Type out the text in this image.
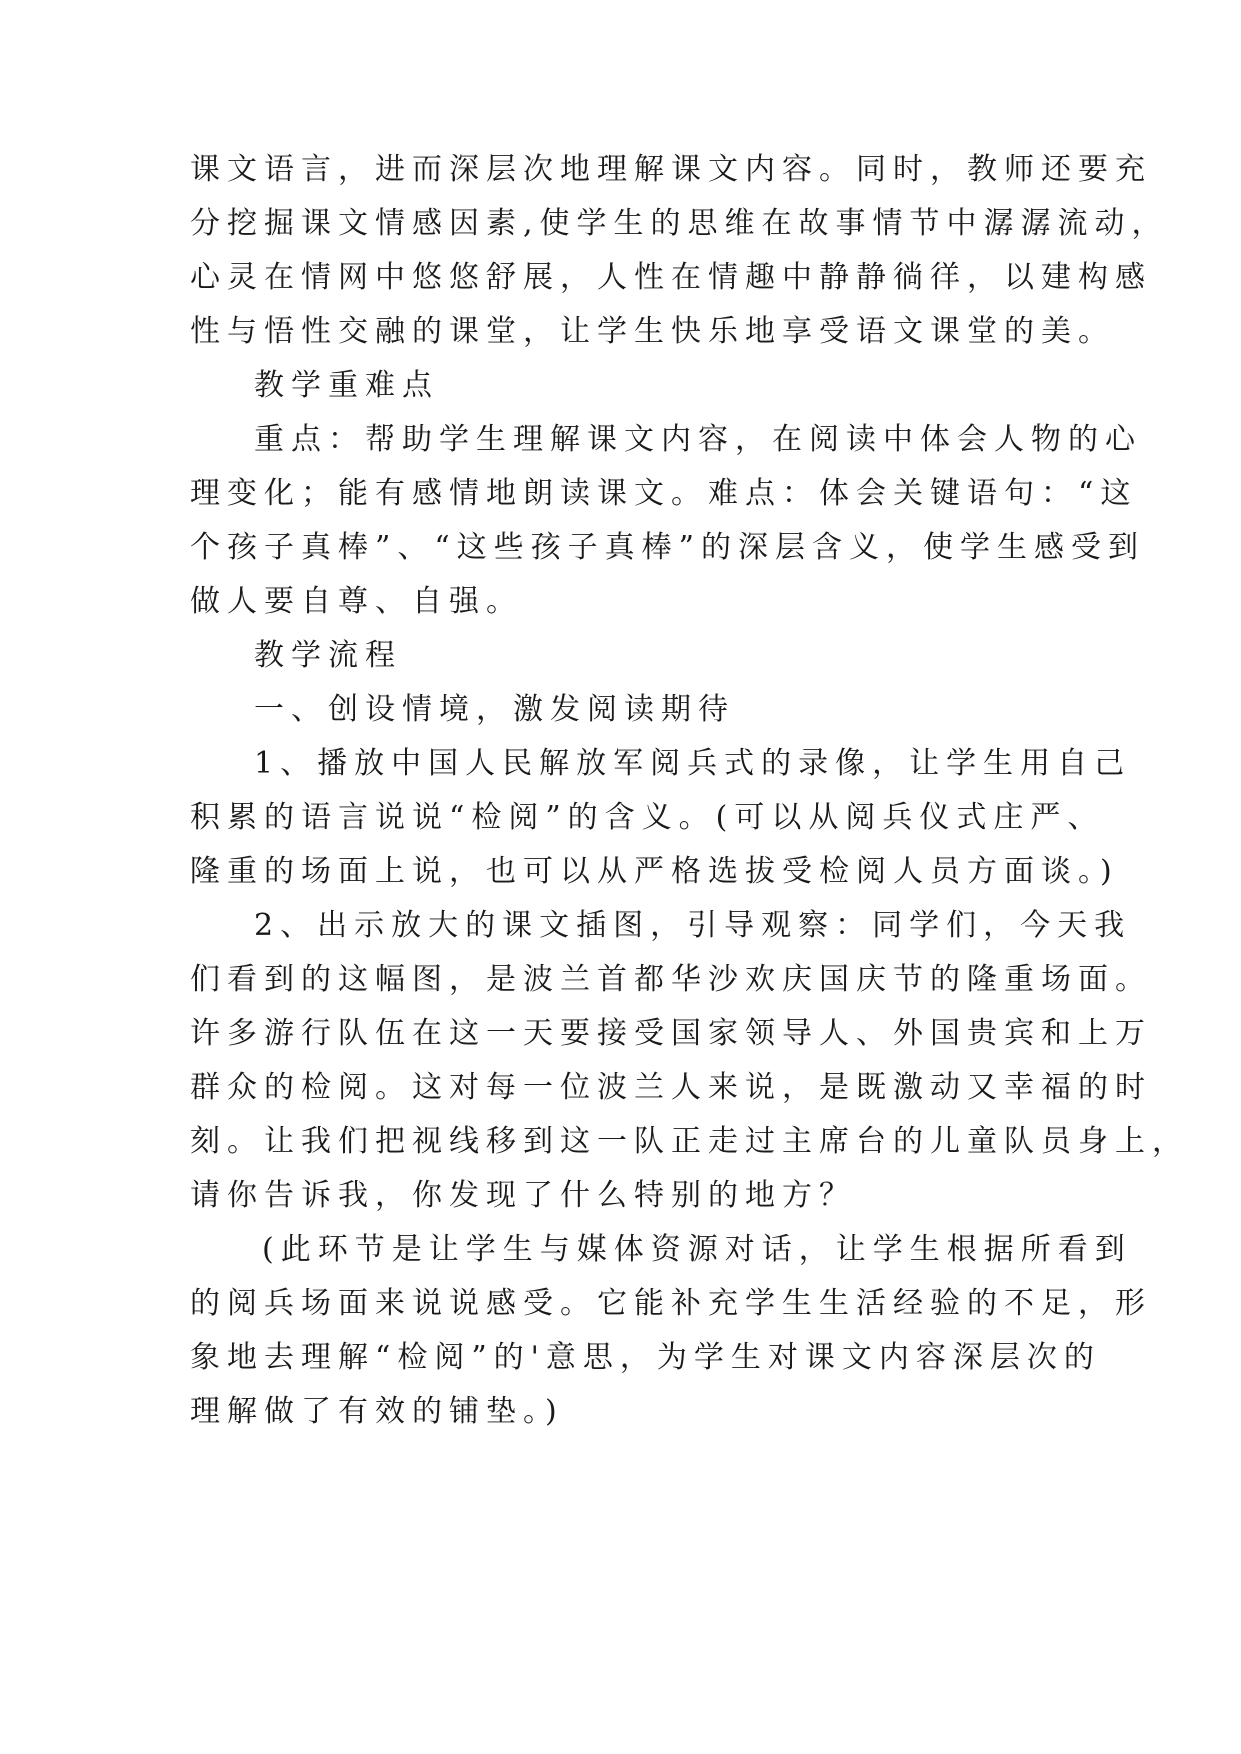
课文语言，进而深层次地理解课文内容。同时，教师还要充
分挖掘课文情感因素,使学生的思维在故事情节中潺潺流动，
心灵在情网中悠悠舒展，人性在情趣中静静徜徉，以建构感
性与悟性交融的课堂，让学生快乐地享受语文课堂的美。
教学重难点
重点：帮助学生理解课文内容，在阅读中体会人物的心
理变化；能有感情地朗读课文。难点：体会关键语句：“这
个孩子真棒”、“这些孩子真棒”的深层含义，使学生感受到
做人要自尊、自强。
教学流程
一、创设情境，激发阅读期待
1、播放中国人民解放军阅兵式的录像，让学生用自己
积累的语言说说“检阅”的含义。(可以从阅兵仪式庄严、
隆重的场面上说，也可以从严格选拔受检阅人员方面谈。)
2、出示放大的课文插图，引导观察：同学们，今天我
们看到的这幅图，是波兰首都华沙欢庆国庆节的隆重场面。
许多游行队伍在这一天要接受国家领导人、外国贵宾和上万
群众的检阅。这对每一位波兰人来说，是既激动又幸福的时
刻。让我们把视线移到这一队正走过主席台的儿童队员身上，
请你告诉我，你发现了什么特别的地方？
(此环节是让学生与媒体资源对话，让学生根据所看到
的阅兵场面来说说感受。它能补充学生生活经验的不足，形
象地去理解“检阅”的'意思，为学生对课文内容深层次的
理解做了有效的铺垫。)
